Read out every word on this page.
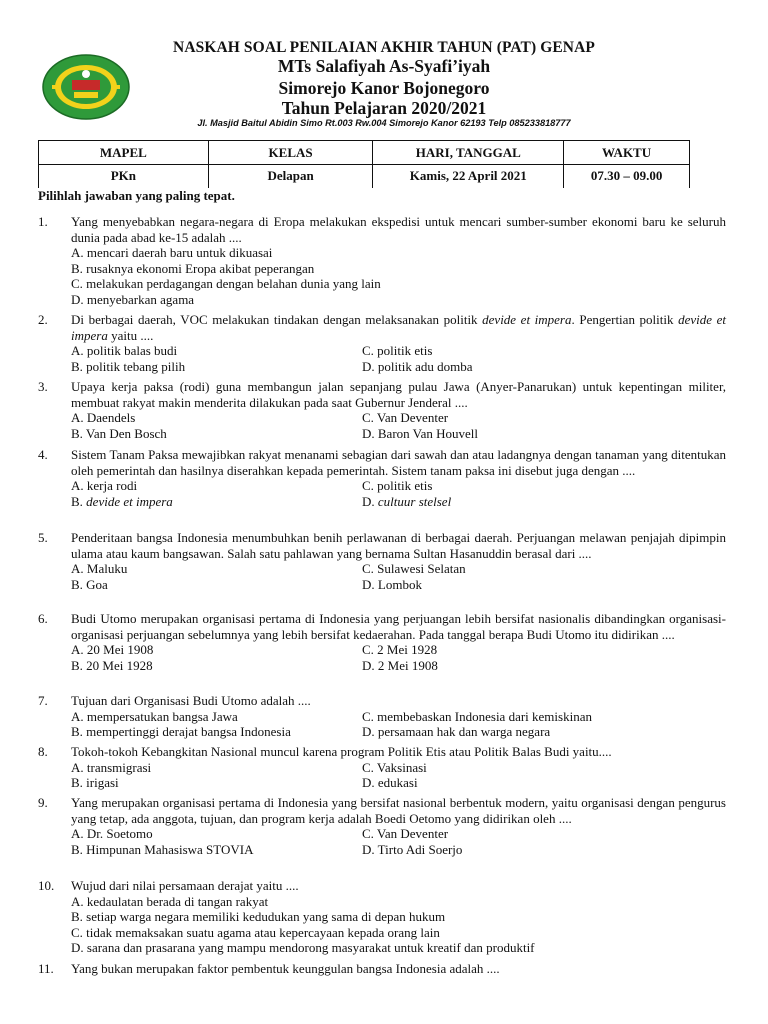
NASKAH SOAL PENILAIAN AKHIR TAHUN (PAT) GENAP
MTs Salafiyah As-Syafi’iyah
Simorejo Kanor Bojonegoro
Tahun Pelajaran 2020/2021
Jl. Masjid Baitul Abidin Simo Rt.003 Rw.004 Simorejo Kanor 62193 Telp 085233818777
MAPEL	KELAS	HARI, TANGGAL	WAKTU
PKn	Delapan	Kamis, 22 April 2021	07.30 – 09.00
Pilihlah jawaban yang paling tepat.
1.	Yang menyebabkan negara-negara di Eropa melakukan ekspedisi untuk mencari sumber-sumber ekonomi baru ke seluruh dunia pada abad ke-15 adalah ....
A. mencari daerah baru untuk dikuasai
B. rusaknya ekonomi Eropa akibat peperangan
C. melakukan perdagangan dengan belahan dunia yang lain
D. menyebarkan agama
2.	Di berbagai daerah, VOC melakukan tindakan dengan melaksanakan politik devide et impera. Pengertian politik devide et impera yaitu ....
A. politik balas budi	C. politik etis
B. politik tebang pilih	D. politik adu domba
3.	Upaya kerja paksa (rodi) guna membangun jalan sepanjang pulau Jawa (Anyer-Panarukan) untuk kepentingan militer, membuat rakyat makin menderita dilakukan pada saat Gubernur Jenderal ....
A. Daendels	C. Van Deventer
B. Van Den Bosch	D. Baron Van Houvell
4.	Sistem Tanam Paksa mewajibkan rakyat menanami sebagian dari sawah dan atau ladangnya dengan tanaman yang ditentukan oleh pemerintah dan hasilnya diserahkan kepada pemerintah. Sistem tanam paksa ini disebut juga dengan ....
A. kerja rodi	C. politik etis
B. devide et impera	D. cultuur stelsel
5.	Penderitaan bangsa Indonesia menumbuhkan benih perlawanan di berbagai daerah. Perjuangan melawan penjajah dipimpin ulama atau kaum bangsawan. Salah satu pahlawan yang bernama Sultan Hasanuddin berasal dari ....
A. Maluku	C. Sulawesi Selatan
B. Goa	D. Lombok
6.	Budi Utomo merupakan organisasi pertama di Indonesia yang perjuangan lebih bersifat nasionalis dibandingkan organisasi-organisasi perjuangan sebelumnya yang lebih bersifat kedaerahan. Pada tanggal berapa Budi Utomo itu didirikan ....
A. 20 Mei 1908	C. 2 Mei 1928
B. 20 Mei 1928	D. 2 Mei 1908
7.	Tujuan dari Organisasi Budi Utomo adalah ....
A. mempersatukan bangsa Jawa	C. membebaskan Indonesia dari kemiskinan
B. mempertinggi derajat bangsa Indonesia	D. persamaan hak dan warga negara
8.	Tokoh-tokoh Kebangkitan Nasional muncul karena program Politik Etis atau Politik Balas Budi yaitu....
A. transmigrasi	C. Vaksinasi
B. irigasi	D. edukasi
9.	Yang merupakan organisasi pertama di Indonesia yang bersifat nasional berbentuk modern, yaitu organisasi dengan pengurus yang tetap, ada anggota, tujuan, dan program kerja adalah Boedi Oetomo yang didirikan oleh ....
A. Dr. Soetomo	C. Van Deventer
B. Himpunan Mahasiswa STOVIA	D. Tirto Adi Soerjo
10.	Wujud dari nilai persamaan derajat yaitu ....
A. kedaulatan berada di tangan rakyat
B. setiap warga negara memiliki kedudukan yang sama di depan hukum
C. tidak memaksakan suatu agama atau kepercayaan kepada orang lain
D. sarana dan prasarana yang mampu mendorong masyarakat untuk kreatif dan produktif
11.	Yang bukan merupakan faktor pembentuk keunggulan bangsa Indonesia adalah ....
